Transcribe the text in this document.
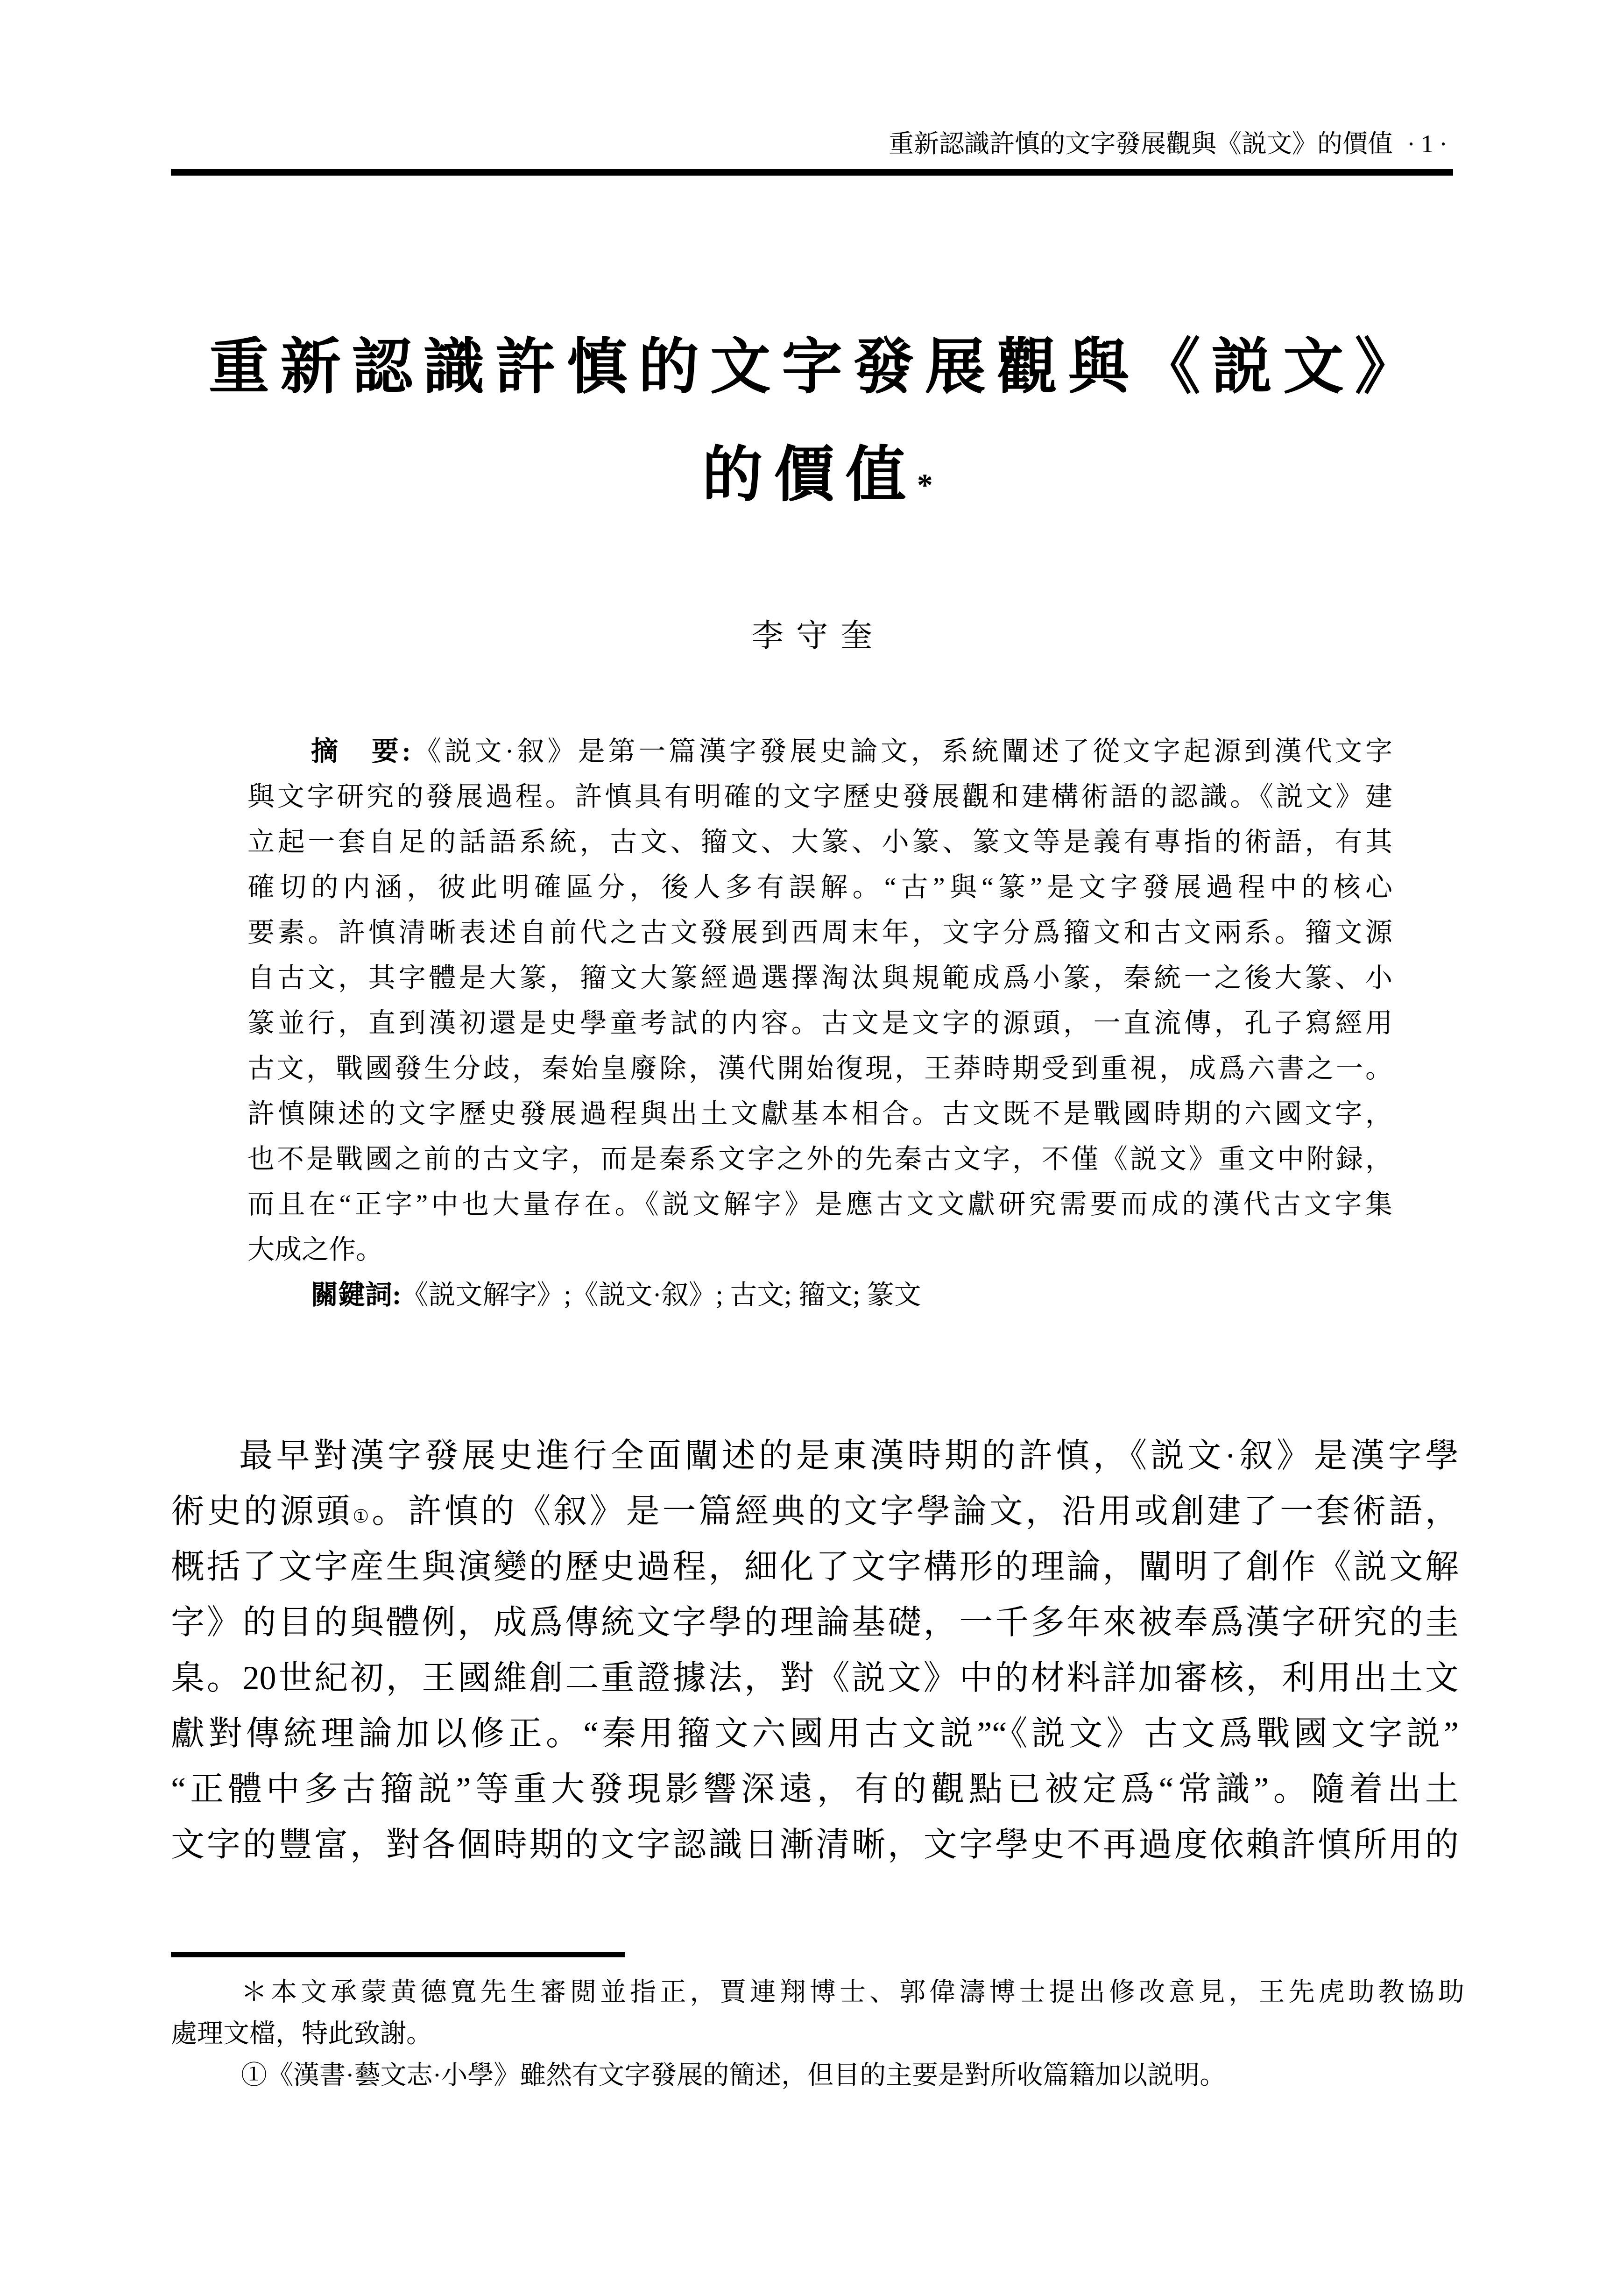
重新認識許慎的文字發展觀與《説文》的價值 ·1·
重新認識許慎的文字發展觀與《説文》
的價值*
李守奎
摘　要:《説文·叙》是第一篇漢字發展史論文，系統闡述了從文字起源到漢代文字
與文字研究的發展過程。許慎具有明確的文字歷史發展觀和建構術語的認識。《説文》建
立起一套自足的話語系統，古文、籀文、大篆、小篆、篆文等是義有專指的術語，有其
確切的内涵，彼此明確區分，後人多有誤解。“古”與“篆”是文字發展過程中的核心
要素。許慎清晰表述自前代之古文發展到西周末年，文字分爲籀文和古文兩系。籀文源
自古文，其字體是大篆，籀文大篆經過選擇淘汰與規範成爲小篆，秦統一之後大篆、小
篆並行，直到漢初還是史學童考試的内容。古文是文字的源頭，一直流傳，孔子寫經用
古文，戰國發生分歧，秦始皇廢除，漢代開始復現，王莽時期受到重視，成爲六書之一。
許慎陳述的文字歷史發展過程與出土文獻基本相合。古文既不是戰國時期的六國文字，
也不是戰國之前的古文字，而是秦系文字之外的先秦古文字，不僅《説文》重文中附録，
而且在“正字”中也大量存在。《説文解字》是應古文文獻研究需要而成的漢代古文字集
大成之作。
關鍵詞:《説文解字》;《説文·叙》; 古文; 籀文; 篆文
最早對漢字發展史進行全面闡述的是東漢時期的許慎，《説文·叙》是漢字學
術史的源頭①。許慎的《叙》是一篇經典的文字學論文，沿用或創建了一套術語，
概括了文字産生與演變的歷史過程，細化了文字構形的理論，闡明了創作《説文解
字》的目的與體例，成爲傳統文字學的理論基礎，一千多年來被奉爲漢字研究的圭
臬。20世紀初，王國維創二重證據法，對《説文》中的材料詳加審核，利用出土文
獻對傳統理論加以修正。“秦用籀文六國用古文説”“《説文》古文爲戰國文字説”
“正體中多古籀説”等重大發現影響深遠，有的觀點已被定爲“常識”。隨着出土
文字的豐富，對各個時期的文字認識日漸清晰，文字學史不再過度依賴許慎所用的
＊本文承蒙黄德寬先生審閲並指正，賈連翔博士、郭偉濤博士提出修改意見，王先虎助教協助
處理文檔，特此致謝。
①《漢書·藝文志·小學》雖然有文字發展的簡述，但目的主要是對所收篇籍加以説明。
